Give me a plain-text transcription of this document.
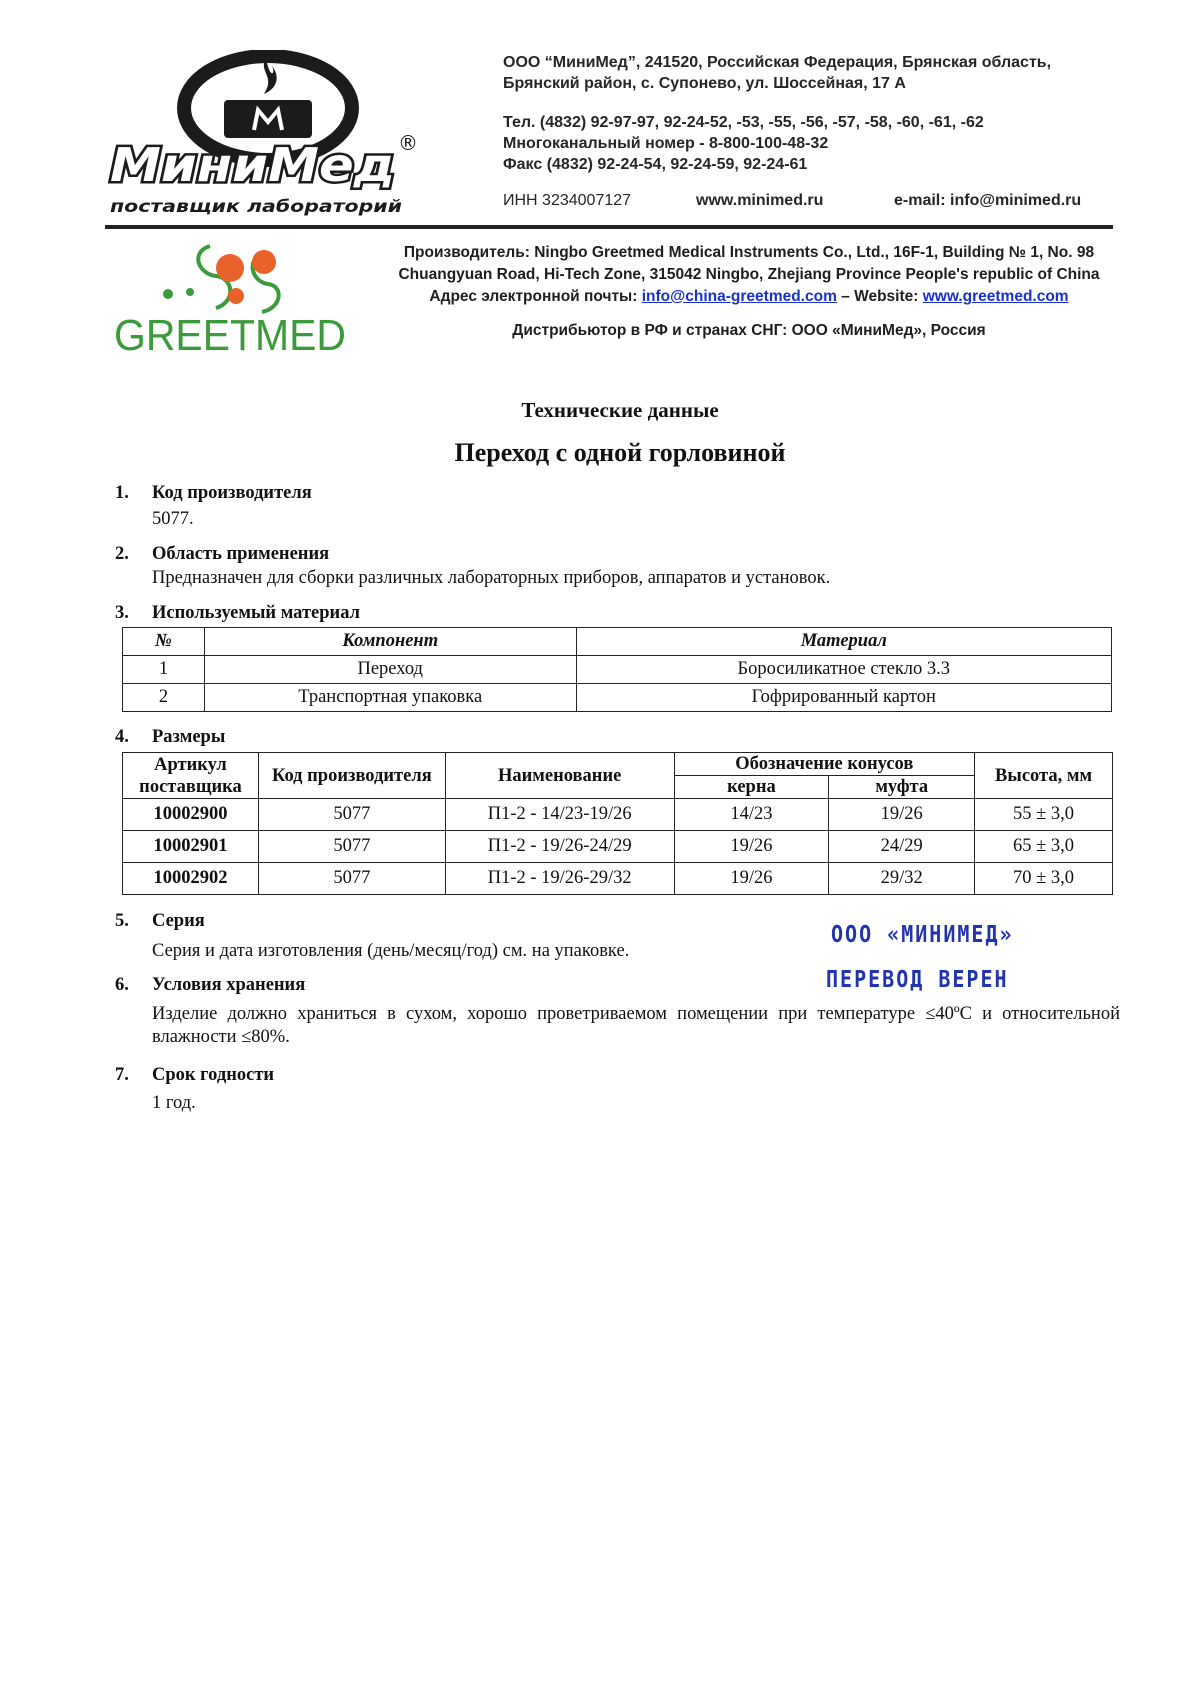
МиниМед ®
поставщик лабораторий
ООО “МиниМед”, 241520, Российская Федерация, Брянская область,
Брянский район, с. Супонево, ул. Шоссейная, 17 А
Тел. (4832) 92-97-97, 92-24-52, -53, -55, -56, -57, -58, -60, -61, -62
Многоканальный номер - 8-800-100-48-32
Факс (4832) 92-24-54, 92-24-59, 92-24-61
ИНН 3234007127	www.minimed.ru	e-mail: info@minimed.ru
GREETMED
Производитель: Ningbo Greetmed Medical Instruments Co., Ltd., 16F-1, Building № 1, No. 98
Chuangyuan Road, Hi-Tech Zone, 315042 Ningbo, Zhejiang Province People's republic of China
Адрес электронной почты: info@china-greetmed.com – Website: www.greetmed.com
Дистрибьютор в РФ и странах СНГ: ООО «МиниМед», Россия
Технические данные
Переход с одной горловиной
1. Код производителя
5077.
2. Область применения
Предназначен для сборки различных лабораторных приборов, аппаратов и установок.
3. Используемый материал
№	Компонент	Материал
1	Переход	Боросиликатное стекло 3.3
2	Транспортная упаковка	Гофрированный картон
4. Размеры
Артикул поставщика	Код производителя	Наименование	Обозначение конусов		Высота, мм
			керна	муфта	
10002900	5077	П1-2 - 14/23-19/26	14/23	19/26	55 ± 3,0
10002901	5077	П1-2 - 19/26-24/29	19/26	24/29	65 ± 3,0
10002902	5077	П1-2 - 19/26-29/32	19/26	29/32	70 ± 3,0
5. Серия
Серия и дата изготовления (день/месяц/год) см. на упаковке.
ООО «МИНИМЕД»
ПЕРЕВОД ВЕРЕН
6. Условия хранения
Изделие должно храниться в сухом, хорошо проветриваемом помещении при температуре ≤40ºС и относительной влажности ≤80%.
7. Срок годности
1 год.
